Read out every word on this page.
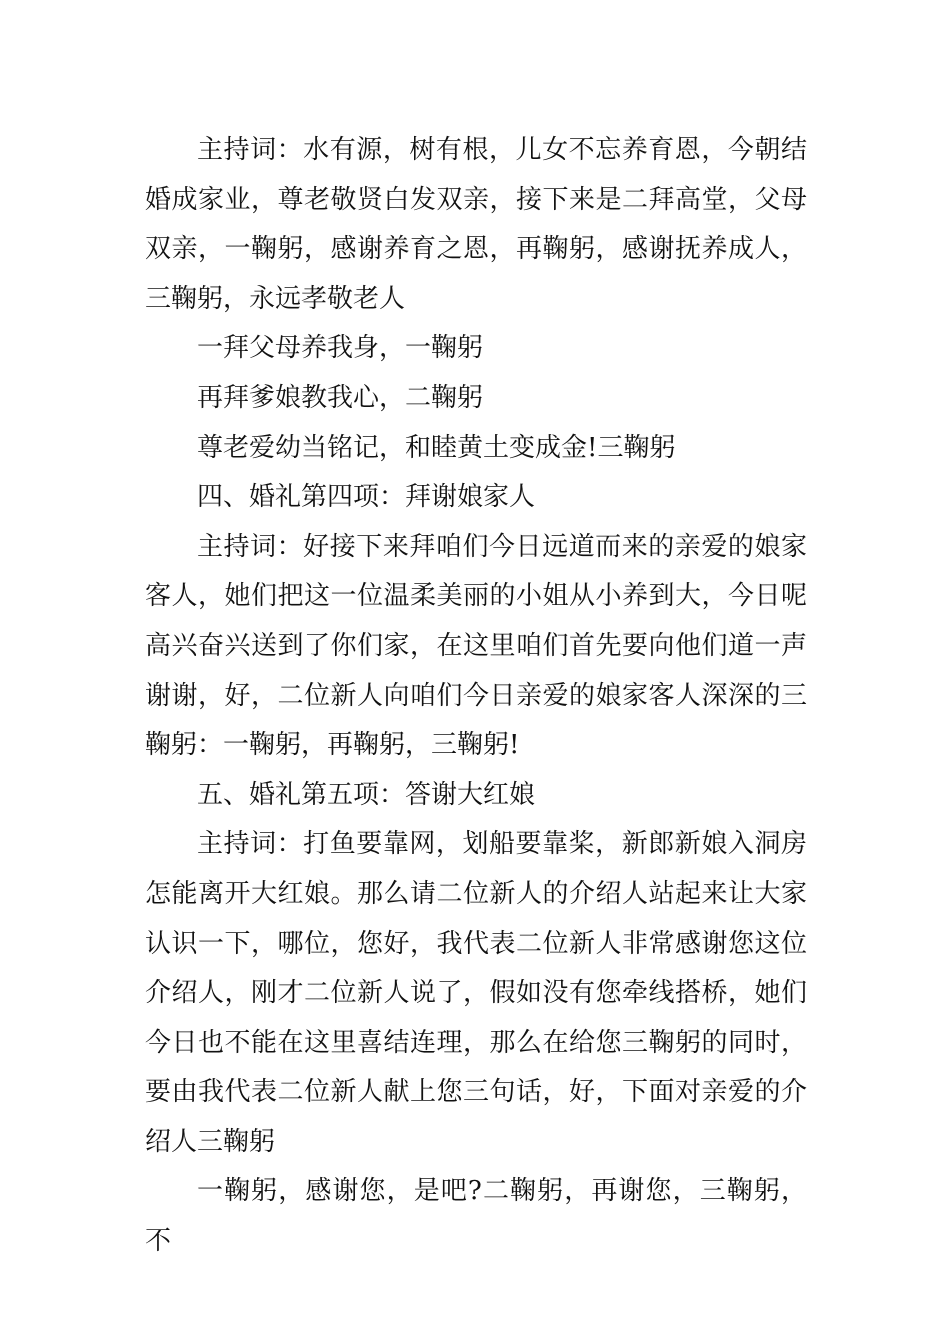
主持词：水有源，树有根，儿女不忘养育恩，今朝结婚成家业，尊老敬贤白发双亲，接下来是二拜高堂，父母双亲，一鞠躬，感谢养育之恩，再鞠躬，感谢抚养成人，三鞠躬，永远孝敬老人

一拜父母养我身，一鞠躬

再拜爹娘教我心，二鞠躬

尊老爱幼当铭记，和睦黄土变成金!三鞠躬

四、婚礼第四项：拜谢娘家人

主持词：好接下来拜咱们今日远道而来的亲爱的娘家客人，她们把这一位温柔美丽的小姐从小养到大，今日呢高兴奋兴送到了你们家，在这里咱们首先要向他们道一声谢谢，好，二位新人向咱们今日亲爱的娘家客人深深的三鞠躬：一鞠躬，再鞠躬，三鞠躬!

五、婚礼第五项：答谢大红娘

主持词：打鱼要靠网，划船要靠桨，新郎新娘入洞房怎能离开大红娘。那么请二位新人的介绍人站起来让大家认识一下，哪位，您好，我代表二位新人非常感谢您这位介绍人，刚才二位新人说了，假如没有您牵线搭桥，她们今日也不能在这里喜结连理，那么在给您三鞠躬的同时，要由我代表二位新人献上您三句话，好，下面对亲爱的介绍人三鞠躬

一鞠躬，感谢您，是吧?二鞠躬，再谢您，三鞠躬，不
